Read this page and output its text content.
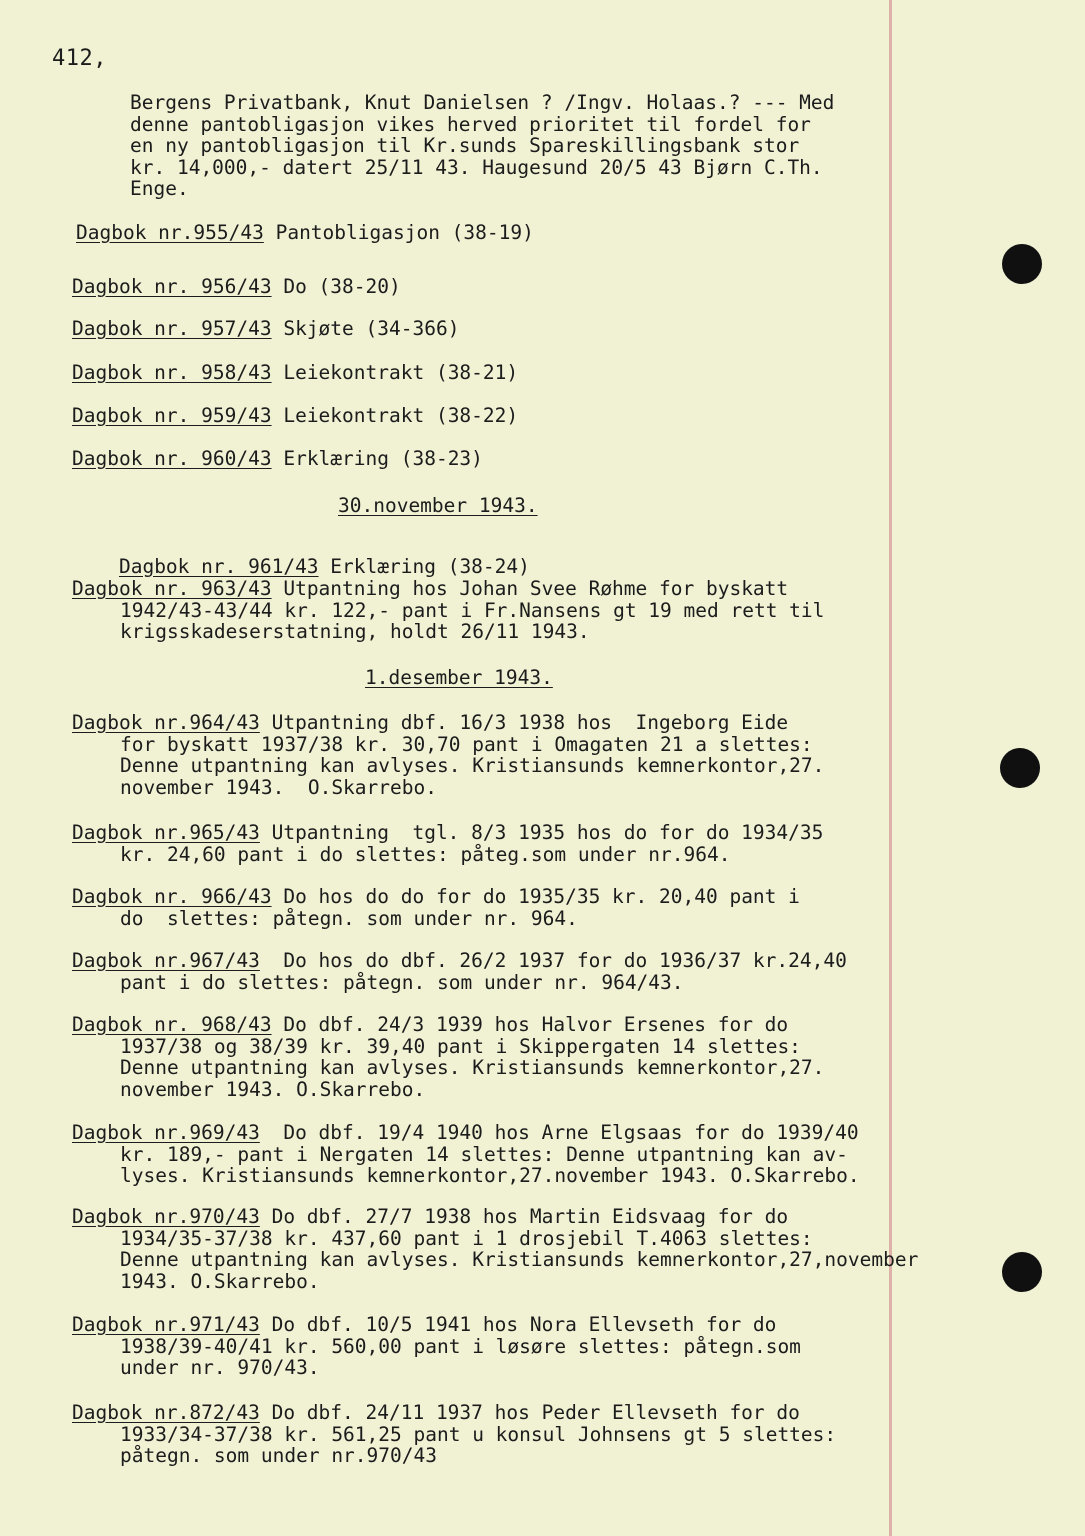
412,
Bergens Privatbank, Knut Danielsen ? /Ingv. Holaas.? --- Med
denne pantobligasjon vikes herved prioritet til fordel for
en ny pantobligasjon til Kr.sunds Spareskillingsbank stor
kr. 14,000,- datert 25/11 43. Haugesund 20/5 43 Bjørn C.Th.
Enge.
Dagbok nr.955/43 Pantobligasjon (38-19)
Dagbok nr. 956/43 Do (38-20)
Dagbok nr. 957/43 Skjøte (34-366)
Dagbok nr. 958/43 Leiekontrakt (38-21)
Dagbok nr. 959/43 Leiekontrakt (38-22)
Dagbok nr. 960/43 Erklæring (38-23)
30.november 1943.

Dagbok nr. 961/43 Erklæring (38-24)

Dagbok nr. 963/43 Utpantning hos Johan Svee Røhme for byskatt
1942/43-43/44 kr. 122,- pant i Fr.Nansens gt 19 med rett til
krigsskadeserstatning, holdt 26/11 1943.
1.desember 1943.
Dagbok nr.964/43 Utpantning dbf. 16/3 1938 hos  Ingeborg Eide
for byskatt 1937/38 kr. 30,70 pant i Omagaten 21 a slettes:
Denne utpantning kan avlyses. Kristiansunds kemnerkontor,27.
november 1943.  O.Skarrebo.
Dagbok nr.965/43 Utpantning  tgl. 8/3 1935 hos do for do 1934/35
kr. 24,60 pant i do slettes: påteg.som under nr.964.
Dagbok nr. 966/43 Do hos do do for do 1935/35 kr. 20,40 pant i
do  slettes: påtegn. som under nr. 964.
Dagbok nr.967/43  Do hos do dbf. 26/2 1937 for do 1936/37 kr.24,40
pant i do slettes: påtegn. som under nr. 964/43.
Dagbok nr. 968/43 Do dbf. 24/3 1939 hos Halvor Ersenes for do
1937/38 og 38/39 kr. 39,40 pant i Skippergaten 14 slettes:
Denne utpantning kan avlyses. Kristiansunds kemnerkontor,27.
november 1943. O.Skarrebo.
Dagbok nr.969/43  Do dbf. 19/4 1940 hos Arne Elgsaas for do 1939/40
kr. 189,- pant i Nergaten 14 slettes: Denne utpantning kan av-
lyses. Kristiansunds kemnerkontor,27.november 1943. O.Skarrebo.
Dagbok nr.970/43 Do dbf. 27/7 1938 hos Martin Eidsvaag for do
1934/35-37/38 kr. 437,60 pant i 1 drosjebil T.4063 slettes:
Denne utpantning kan avlyses. Kristiansunds kemnerkontor,27,november
1943. O.Skarrebo.
Dagbok nr.971/43 Do dbf. 10/5 1941 hos Nora Ellevseth for do
1938/39-40/41 kr. 560,00 pant i løsøre slettes: påtegn.som
under nr. 970/43.
Dagbok nr.872/43 Do dbf. 24/11 1937 hos Peder Ellevseth for do
1933/34-37/38 kr. 561,25 pant u konsul Johnsens gt 5 slettes:
påtegn. som under nr.970/43
